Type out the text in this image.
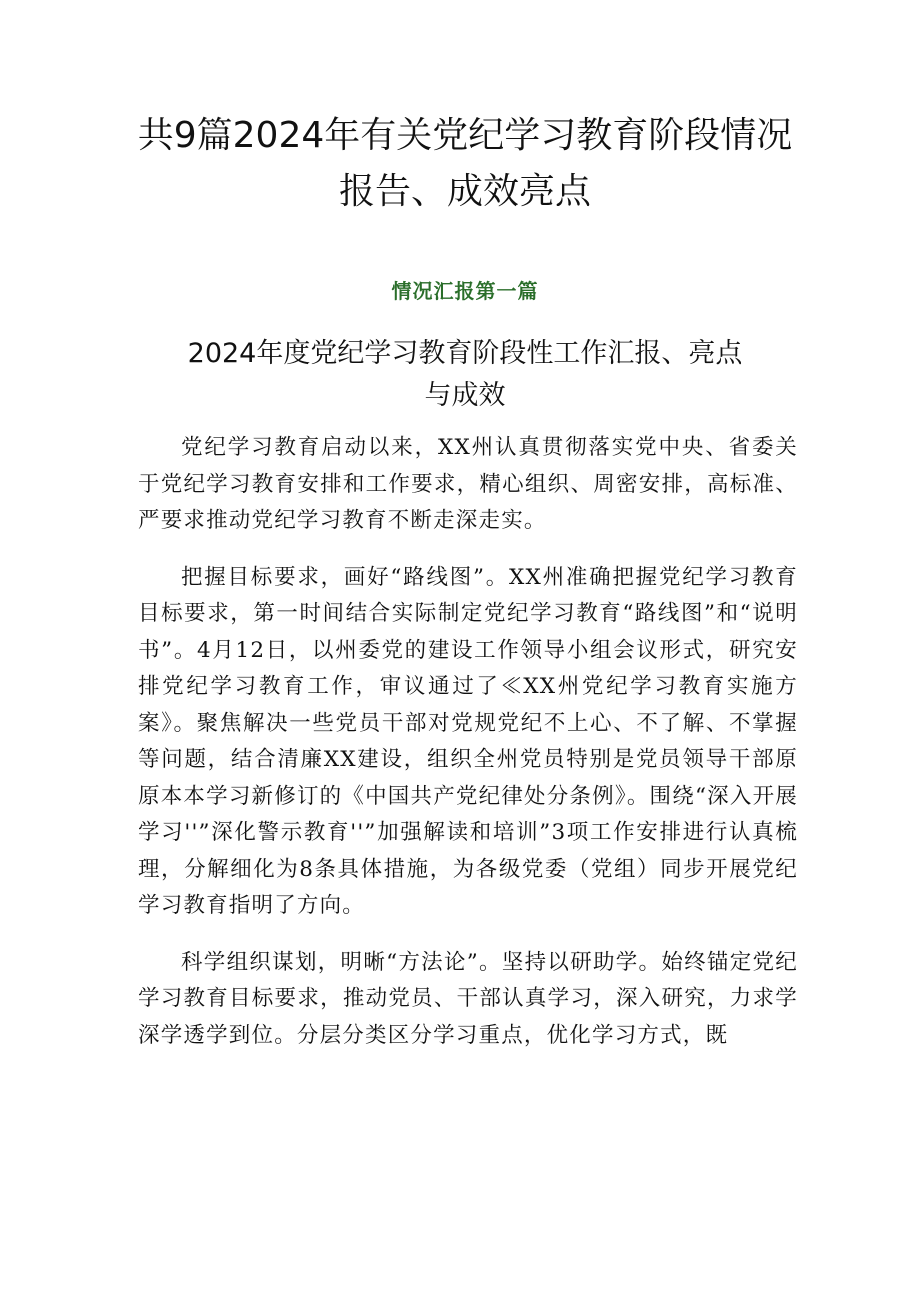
共9篇2024年有关党纪学习教育阶段情况
报告、成效亮点
情况汇报第一篇
2024年度党纪学习教育阶段性工作汇报、亮点
与成效

党纪学习教育启动以来，XX州认真贯彻落实党中央、省委关于党纪学习教育安排和工作要求，精心组织、周密安排，高标准、严要求推动党纪学习教育不断走深走实。

把握目标要求，画好“路线图”。XX州准确把握党纪学习教育目标要求，第一时间结合实际制定党纪学习教育“路线图”和“说明书”。4月12日，以州委党的建设工作领导小组会议形式，研究安排党纪学习教育工作，审议通过了≪XX州党纪学习教育实施方案》。聚焦解决一些党员干部对党规党纪不上心、不了解、不掌握等问题，结合清廉XX建设，组织全州党员特别是党员领导干部原原本本学习新修订的《中国共产党纪律处分条例》。围绕“深入开展学习''”深化警示教育''”加强解读和培训”3项工作安排进行认真梳理，分解细化为8条具体措施，为各级党委（党组）同步开展党纪学习教育指明了方向。

科学组织谋划，明晰“方法论”。坚持以研助学。始终锚定党纪学习教育目标要求，推动党员、干部认真学习，深入研究，力求学深学透学到位。分层分类区分学习重点，优化学习方式，既
